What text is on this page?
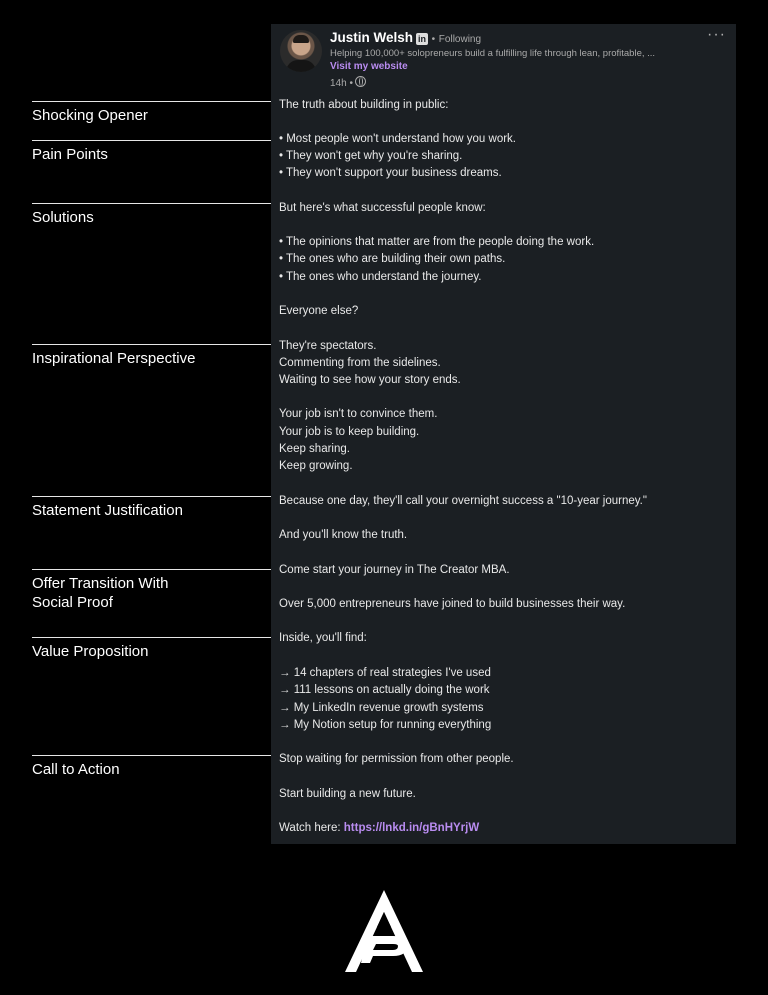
Shocking Opener
Pain Points
Solutions
Inspirational Perspective
Statement Justification
Offer Transition With
Social Proof
Value Proposition
Call to Action
···
Justin Welsh in • Following
Helping 100,000+ solopreneurs build a fulfilling life through lean, profitable, ...
Visit my website
14h •
The truth about building in public:
• Most people won't understand how you work.
• They won't get why you're sharing.
• They won't support your business dreams.
But here's what successful people know:
• The opinions that matter are from the people doing the work.
• The ones who are building their own paths.
• The ones who understand the journey.
Everyone else?
They're spectators.
Commenting from the sidelines.
Waiting to see how your story ends.
Your job isn't to convince them.
Your job is to keep building.
Keep sharing.
Keep growing.
Because one day, they'll call your overnight success a "10-year journey."
And you'll know the truth.
Come start your journey in The Creator MBA.
Over 5,000 entrepreneurs have joined to build businesses their way.
Inside, you'll find:
→ 14 chapters of real strategies I've used
→ 111 lessons on actually doing the work
→ My LinkedIn revenue growth systems
→ My Notion setup for running everything
Stop waiting for permission from other people.
Start building a new future.
Watch here: https://lnkd.in/gBnHYrjW
